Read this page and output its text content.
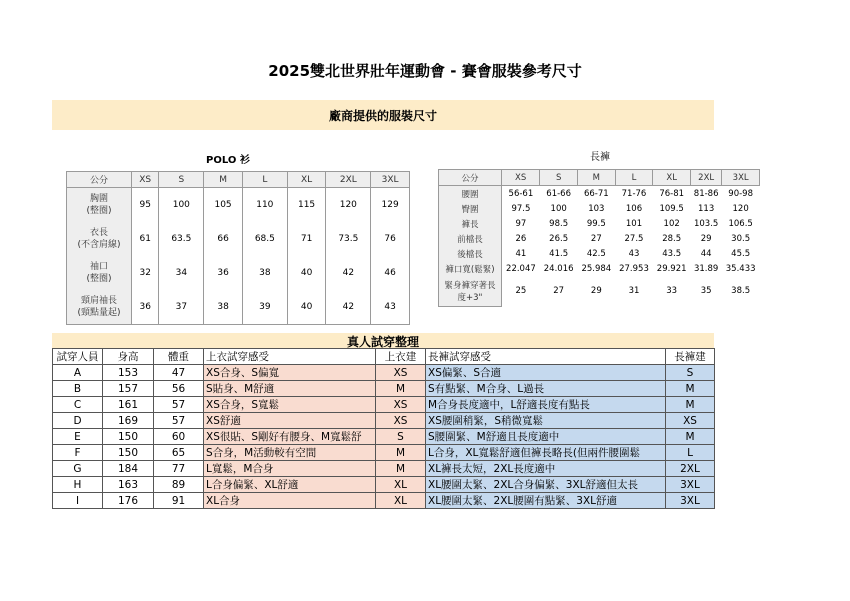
2025雙北世界壯年運動會 - 賽會服裝參考尺寸
廠商提供的服裝尺寸
POLO 衫	長褲
公分	XS	S	M	L	XL	2XL	3XL
胸圍
(整圈)	95	100	105	110	115	120	129
衣長
(不含肩線)	61	63.5	66	68.5	71	73.5	76
袖口
(整圈)	32	34	36	38	40	42	46
頸肩袖長
(頸點量起)	36	37	38	39	40	42	43
公分	XS	S	M	L	XL	2XL	3XL
腰圍	56-61	61-66	66-71	71-76	76-81	81-86	90-98
臀圍	97.5	100	103	106	109.5	113	120
褲長	97	98.5	99.5	101	102	103.5	106.5
前檔長	26	26.5	27	27.5	28.5	29	30.5
後檔長	41	41.5	42.5	43	43.5	44	45.5
褲口寬(鬆緊)	22.047	24.016	25.984	27.953	29.921	31.89	35.433
緊身褲穿著長
度+3"	25	27	29	31	33	35	38.5
真人試穿整理
試穿人員	身高	體重	上衣試穿感受	上衣建	長褲試穿感受	長褲建
A	153	47	XS合身、S偏寬	XS	XS偏緊、S合適	S
B	157	56	S貼身、M舒適	M	S有點緊、M合身、L過長	M
C	161	57	XS合身，S寬鬆	XS	M合身長度適中，L舒適長度有點長	M
D	169	57	XS舒適	XS	XS腰圍稍緊，S稍微寬鬆	XS
E	150	60	XS很貼、S剛好有腰身、M寬鬆舒	S	S腰圍緊、M舒適且長度適中	M
F	150	65	S合身，M活動較有空間	M	L合身，XL寬鬆舒適但褲長略長(但兩件腰圍鬆	L
G	184	77	L寬鬆，M合身	M	XL褲長太短，2XL長度適中	2XL
H	163	89	L合身偏緊、XL舒適	XL	XL腰圍太緊、2XL合身偏緊、3XL舒適但太長	3XL
I	176	91	XL合身	XL	XL腰圍太緊、2XL腰圍有點緊、3XL舒適	3XL
